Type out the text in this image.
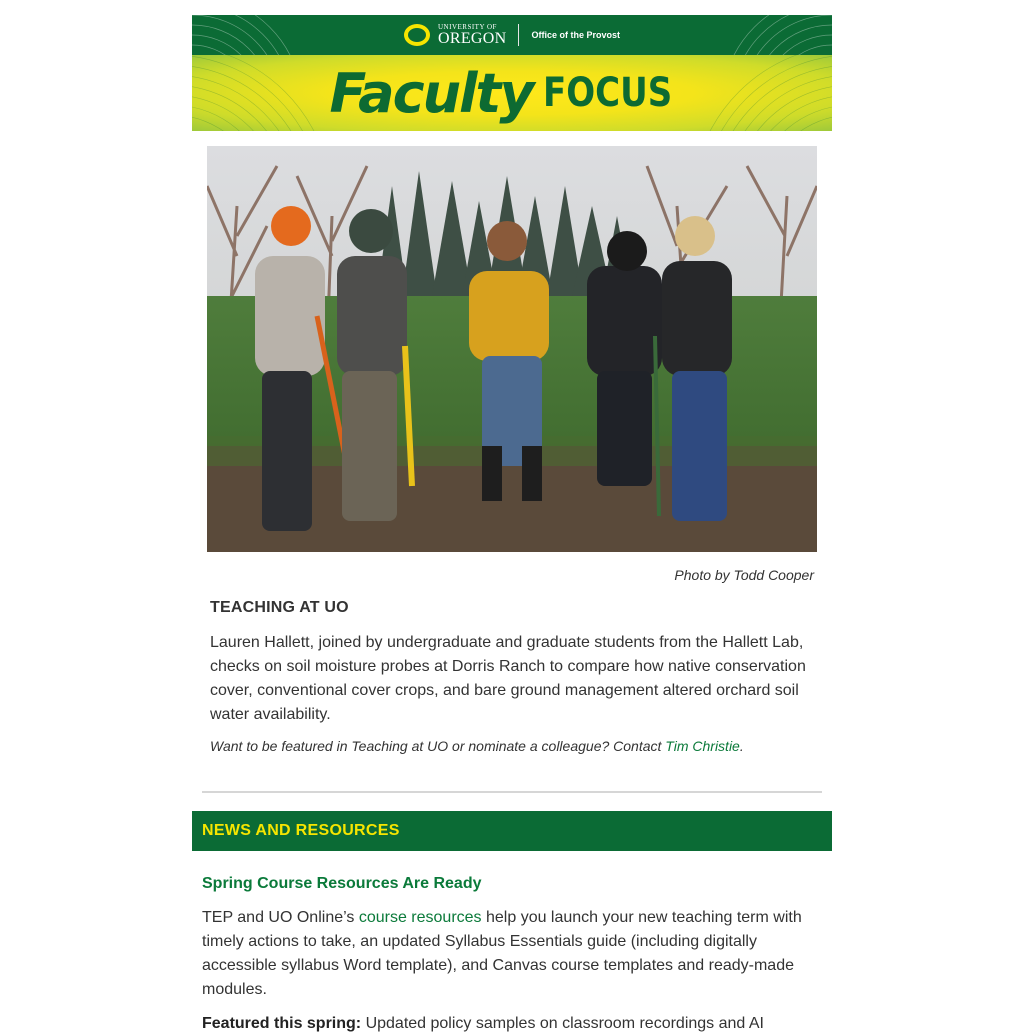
UNIVERSITY OF
OREGON	Office of the Provost
Faculty FOCUS
Photo by Todd Cooper
TEACHING AT UO
Lauren Hallett, joined by undergraduate and graduate students from the Hallett Lab, checks on soil moisture probes at Dorris Ranch to compare how native conservation cover, conventional cover crops, and bare ground management altered orchard soil water availability.
Want to be featured in Teaching at UO or nominate a colleague? Contact Tim Christie.
NEWS AND RESOURCES
Spring Course Resources Are Ready
TEP and UO Online’s course resources help you launch your new teaching term with timely actions to take, an updated Syllabus Essentials guide (including digitally accessible syllabus Word template), and Canvas course templates and ready-made modules.
Featured this spring: Updated policy samples on classroom recordings and AI
